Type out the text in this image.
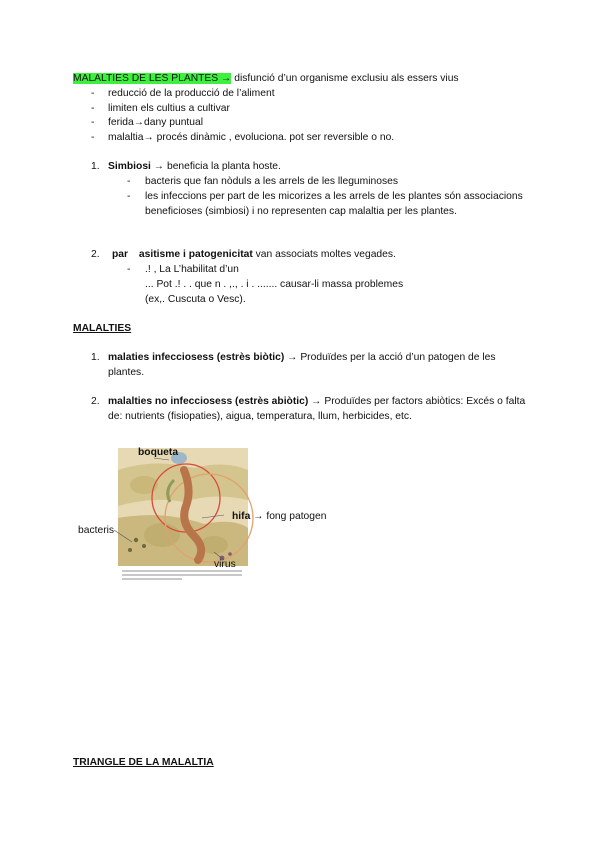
MALALTIES DE LES PLANTES → disfunció d’un organisme exclusiu als essers vius
- reducció de la producció de l’aliment
- limiten els cultius a cultivar
- ferida→dany puntual
- malaltia→ procés dinàmic , evoluciona. pot ser reversible o no.
1. Simbiosi → beneficia la planta hoste.
- bacteris que fan nòduls a les arrels de les lleguminoses
- les infeccions per part de les micorizes a les arrels de les plantes són associacions beneficioses (simbiosi) i no representen cap malaltia per les plantes.
2. par asitisme i patogenicitat van associats moltes vegades.
- .! , La L’habilitat d’un
... Pot .! . . que n . ,., . i . ....... causar-li massa problemes
(ex,. Cuscuta o Vesc).
MALALTIES
1. malaties infecciosess (estrès biòtic) → Produïdes per la acció d’un patogen de les plantes.
2. malalties no infecciosess (estrès abiòtic) → Produïdes per factors abiòtics: Excés o falta de: nutrients (fisiopaties), aigua, temperatura, llum, herbicides, etc.
boqueta
bacteris
hifa → fong patogen
virus
TRIANGLE DE LA MALALTIA
